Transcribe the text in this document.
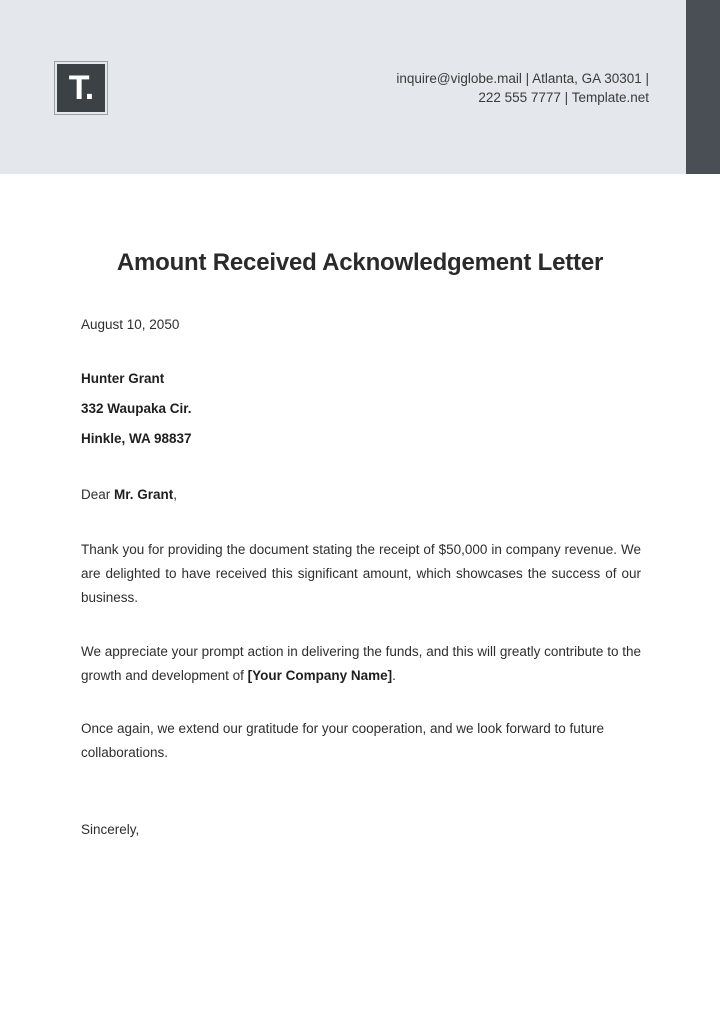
T.	inquire@viglobe.mail | Atlanta, GA 30301 |
222 555 7777 | Template.net
Amount Received Acknowledgement Letter
August 10, 2050
Hunter Grant
332 Waupaka Cir.
Hinkle, WA 98837
Dear Mr. Grant,
Thank you for providing the document stating the receipt of $50,000 in company revenue. We are delighted to have received this significant amount, which showcases the success of our business.
We appreciate your prompt action in delivering the funds, and this will greatly contribute to the growth and development of [Your Company Name].
Once again, we extend our gratitude for your cooperation, and we look forward to future collaborations.
Sincerely,
